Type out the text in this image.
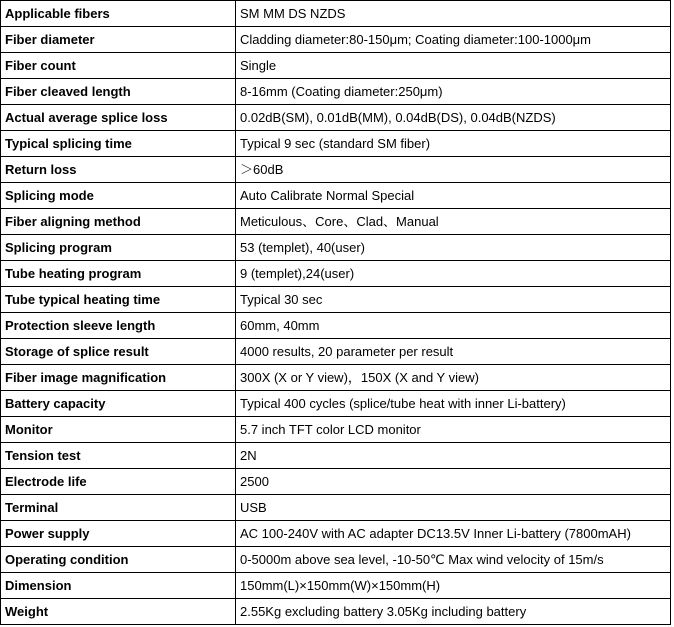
Applicable fibers	SM MM DS NZDS
Fiber diameter	Cladding diameter:80-150μm; Coating diameter:100-1000μm
Fiber count	Single
Fiber cleaved length	8-16mm (Coating diameter:250μm)
Actual average splice loss	0.02dB(SM), 0.01dB(MM), 0.04dB(DS), 0.04dB(NZDS)
Typical splicing time	Typical 9 sec (standard SM fiber)
Return loss	＞60dB
Splicing mode	Auto Calibrate Normal Special
Fiber aligning method	Meticulous、Core、Clad、Manual
Splicing program	53 (templet), 40(user)
Tube heating program	9 (templet),24(user)
Tube typical heating time	Typical 30 sec
Protection sleeve length	60mm, 40mm
Storage of splice result	4000 results, 20 parameter per result
Fiber image magnification	300X (X or Y view)，150X (X and Y view)
Battery capacity	Typical 400 cycles (splice/tube heat with inner Li-battery)
Monitor	5.7 inch TFT color LCD monitor
Tension test	2N
Electrode life	2500
Terminal	USB
Power supply	AC 100-240V with AC adapter DC13.5V Inner Li-battery (7800mAH)
Operating condition	0-5000m above sea level, -10-50℃ Max wind velocity of 15m/s
Dimension	150mm(L)×150mm(W)×150mm(H)
Weight	2.55Kg excluding battery 3.05Kg including battery
